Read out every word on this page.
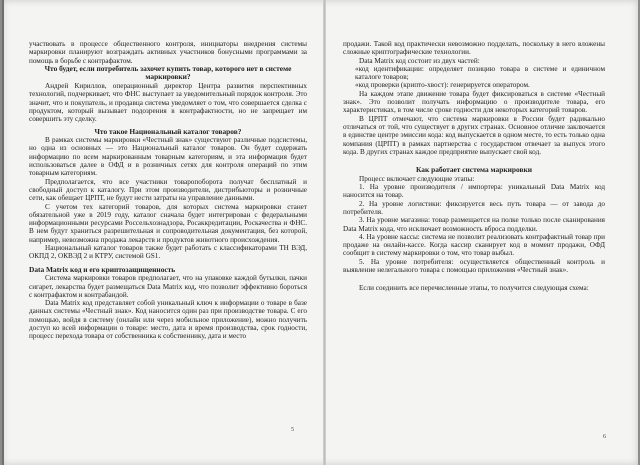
участвовать в процессе общественного контроля, инициаторы внедрения системы маркировки планируют возграждать активных участников бонусными программами за помощь в борьбе с контрафактом.

Что будет, если потребитель захочет купить товар, которого нет в системе маркировки?

Андрей Кириллов, операционный директор Центра развития перспективных технологий, подчеркивает, что ФНС выступает за уведомительный порядок контроля. Это значит, что и покупатель, и продавца система уведомляет о том, что совершается сделка с продуктом, который вызывает подозрения в контрафактности, но не запрещает им совершить эту сделку.

Что такое Национальный каталог товаров?

В рамках системы маркировки «Честный знак» существуют различные подсистемы, но одна из основных — это Национальный каталог товаров. Он будет содержать информацию по всем маркированным товарным категориям, и эта информация будет использоваться далее в ОФД и в розничных сетях для контроля операций по этим товарным категориям.

Предполагается, что все участники товаропоборота получат бесплатный и свободный доступ к каталогу. При этом производители, дистрибьюторы и розничные сети, как обещает ЦРПТ, не будут нести затраты на управление данными.

С учетом тех категорий товаров, для которых система маркировки станет обязательной уже в 2019 году, каталог сначала будет интегрирован с федеральными информационными ресурсами Россельхознадзора, Росаккредитации, Роскачества и ФНС. В нем будут храниться разрешительная и сопроводительная документация, без которой, например, невозможна продажа лекарств и продуктов животного происхождения.

Национальный каталог товаров также будет работать с классификаторами ТН ВЭД, ОКПД 2, ОКВЭД 2 и КТРУ, системой GS1.

Data Matrix код и его криптозащищенность

Система маркировки товаров предполагает, что на упаковке каждой бутылки, пачки сигарет, лекарства будет размещаться Data Matrix код, что позволит эффективно бороться с контрафактом и контрабандой.

Data Matrix код представляет собой уникальный ключ к информации о товаре в базе данных системы «Честный знак». Код наносится один раз при производстве товара. С его помощью, войдя в систему (онлайн или через мобильное приложение), можно получить доступ ко всей информации о товаре: место, дата и время производства, срок годности, процесс перехода товара от собственника к собственнику, дата и место

5

продажи. Такой код практически невозможно подделать, поскольку в него вложены сложные криптографические технологии.

Data Matrix код состоит из двух частей:

«код идентификации: определяет позицию товара в системе и единичном каталоге товаров;

«код проверки (крипто-хвост): генерируется оператором.

На каждом этапе движение товара будет фиксироваться в системе «Честный знак». Это позволит получать информацию о производителе товара, его характеристиках, в том числе сроке годности для некоторых категорий товаров.

В ЦРПТ отмечают, что система маркировки в России будет радикально отличаться от той, что существует в других странах. Основное отличие заключается в единстве центре эмиссии кода: код выпускается в одном месте, то есть только одна компания (ЦРПТ) в рамках партнерства с государством отвечает за выпуск этого кода. В других странах каждое предприятие выпускает свой код.

Как работает система маркировки

Процесс включает следующие этапы:

1. На уровне производителя / импортера: уникальный Data Matrix код наносится на товар.

2. На уровне логистики: фиксируется весь путь товара — от завода до потребителя.

3. На уровне магазина: товар размещается на полке только после сканирования Data Matrix кода, что исключает возможность вброса подделки.

4. На уровне кассы: система не позволит реализовать контрафактный товар при продаже на онлайн-кассе. Когда кассир сканирует код в момент продажи, ОФД сообщит в систему маркировки о том, что товар выбыл.

5. На уровне потребителя: осуществляется общественный контроль и выявление нелегального товара с помощью приложения «Честный знак».

Если соединить все перечисленные этапы, то получится следующая схема:

6
